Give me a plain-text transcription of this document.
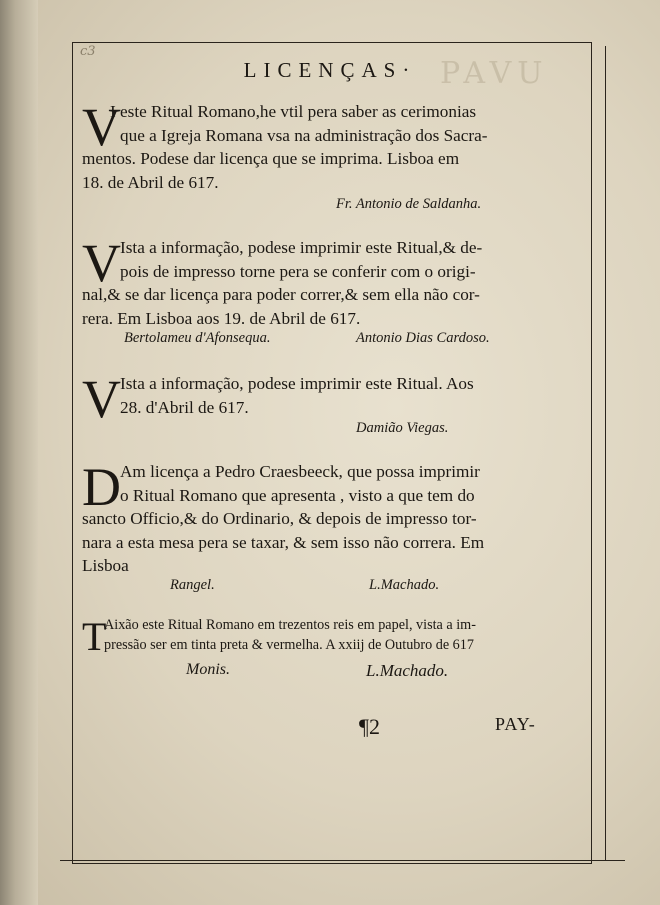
PAVU
c3
LICENÇAS·
V
I este Ritual Romano,he vtil pera saber as cerimonias
que a Igreja Romana vsa na administração dos Sacra-
mentos. Podese dar licença que se imprima. Lisboa em
18. de Abril de 617.
Fr. Antonio de Saldanha.
V Ista a informação, podese imprimir este Ritual,& de-
pois de impresso torne pera se conferir com o origi-
nal,& se dar licença para poder correr,& sem ella não cor-
rera. Em Lisboa aos 19. de Abril de 617.
Bertolameu d'Afonsequa.	Antonio Dias Cardoso.
V Ista a informação, podese imprimir este Ritual. Aos
28. d'Abril de 617.
Damião Viegas.
D Am licença a Pedro Craesbeeck, que possa imprimir
o Ritual Romano que apresenta , visto a que tem do
sancto Officio,& do Ordinario, & depois de impresso tor-
nara a esta mesa pera se taxar, & sem isso não correra. Em
Lisboa
Rangel.	L.Machado.
T
Aixão este Ritual Romano em trezentos reis em papel, vista a im-
pressão ser em tinta preta & vermelha. A xxiij de Outubro de 617
Monis.	L.Machado.
¶2	PAY-
